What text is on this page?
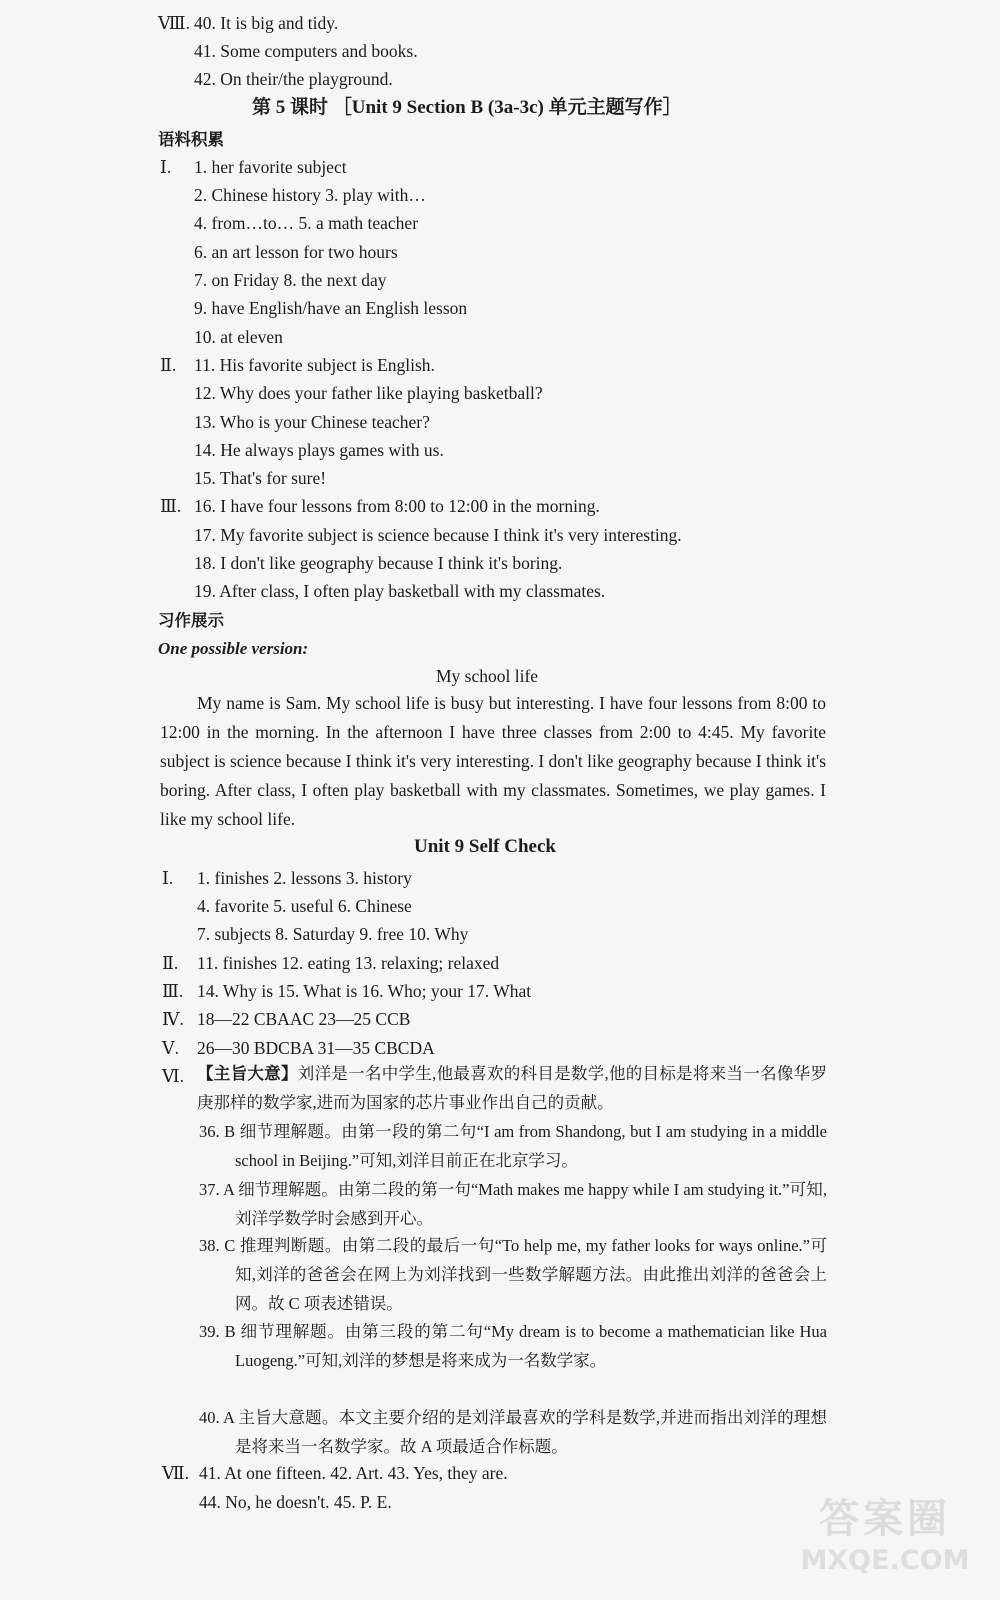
Ⅷ. 40. It is big and tidy.
41. Some computers and books.
42. On their/the playground.
第 5 课时 ［Unit 9 Section B (3a-3c) 单元主题写作］
语料积累
Ⅰ. 1. her favorite subject
2. Chinese history 3. play with…
4. from…to… 5. a math teacher
6. an art lesson for two hours
7. on Friday 8. the next day
9. have English/have an English lesson
10. at eleven
Ⅱ. 11. His favorite subject is English.
12. Why does your father like playing basketball?
13. Who is your Chinese teacher?
14. He always plays games with us.
15. That's for sure!
Ⅲ. 16. I have four lessons from 8:00 to 12:00 in the morning.
17. My favorite subject is science because I think it's very interesting.
18. I don't like geography because I think it's boring.
19. After class, I often play basketball with my classmates.
习作展示
One possible version:
My school life
My name is Sam. My school life is busy but interesting. I have four lessons from 8:00 to 12:00 in the morning. In the afternoon I have three classes from 2:00 to 4:45. My favorite subject is science because I think it's very interesting. I don't like geography because I think it's boring. After class, I often play basketball with my classmates. Sometimes, we play games. I like my school life.
Unit 9 Self Check
Ⅰ. 1. finishes 2. lessons 3. history
4. favorite 5. useful 6. Chinese
7. subjects 8. Saturday 9. free 10. Why
Ⅱ. 11. finishes 12. eating 13. relaxing; relaxed
Ⅲ. 14. Why is 15. What is 16. Who; your 17. What
Ⅳ. 18—22 CBAAC 23—25 CCB
Ⅴ. 26—30 BDCBA 31—35 CBCDA
Ⅵ. 【主旨大意】刘洋是一名中学生,他最喜欢的科目是数学,他的目标是将来当一名像华罗庚那样的数学家,进而为国家的芯片事业作出自己的贡献。
36. B 细节理解题。由第一段的第二句“I am from Shandong, but I am studying in a middle school in Beijing.”可知,刘洋目前正在北京学习。
37. A 细节理解题。由第二段的第一句“Math makes me happy while I am studying it.”可知,刘洋学数学时会感到开心。
38. C 推理判断题。由第二段的最后一句“To help me, my father looks for ways online.”可知,刘洋的爸爸会在网上为刘洋找到一些数学解题方法。由此推出刘洋的爸爸会上网。故 C 项表述错误。
39. B 细节理解题。由第三段的第二句“My dream is to become a mathematician like Hua Luogeng.”可知,刘洋的梦想是将来成为一名数学家。
40. A 主旨大意题。本文主要介绍的是刘洋最喜欢的学科是数学,并进而指出刘洋的理想是将来当一名数学家。故 A 项最适合作标题。
Ⅶ. 41. At one fifteen. 42. Art. 43. Yes, they are.
44. No, he doesn't. 45. P. E.	答案圈
MXQE.COM
